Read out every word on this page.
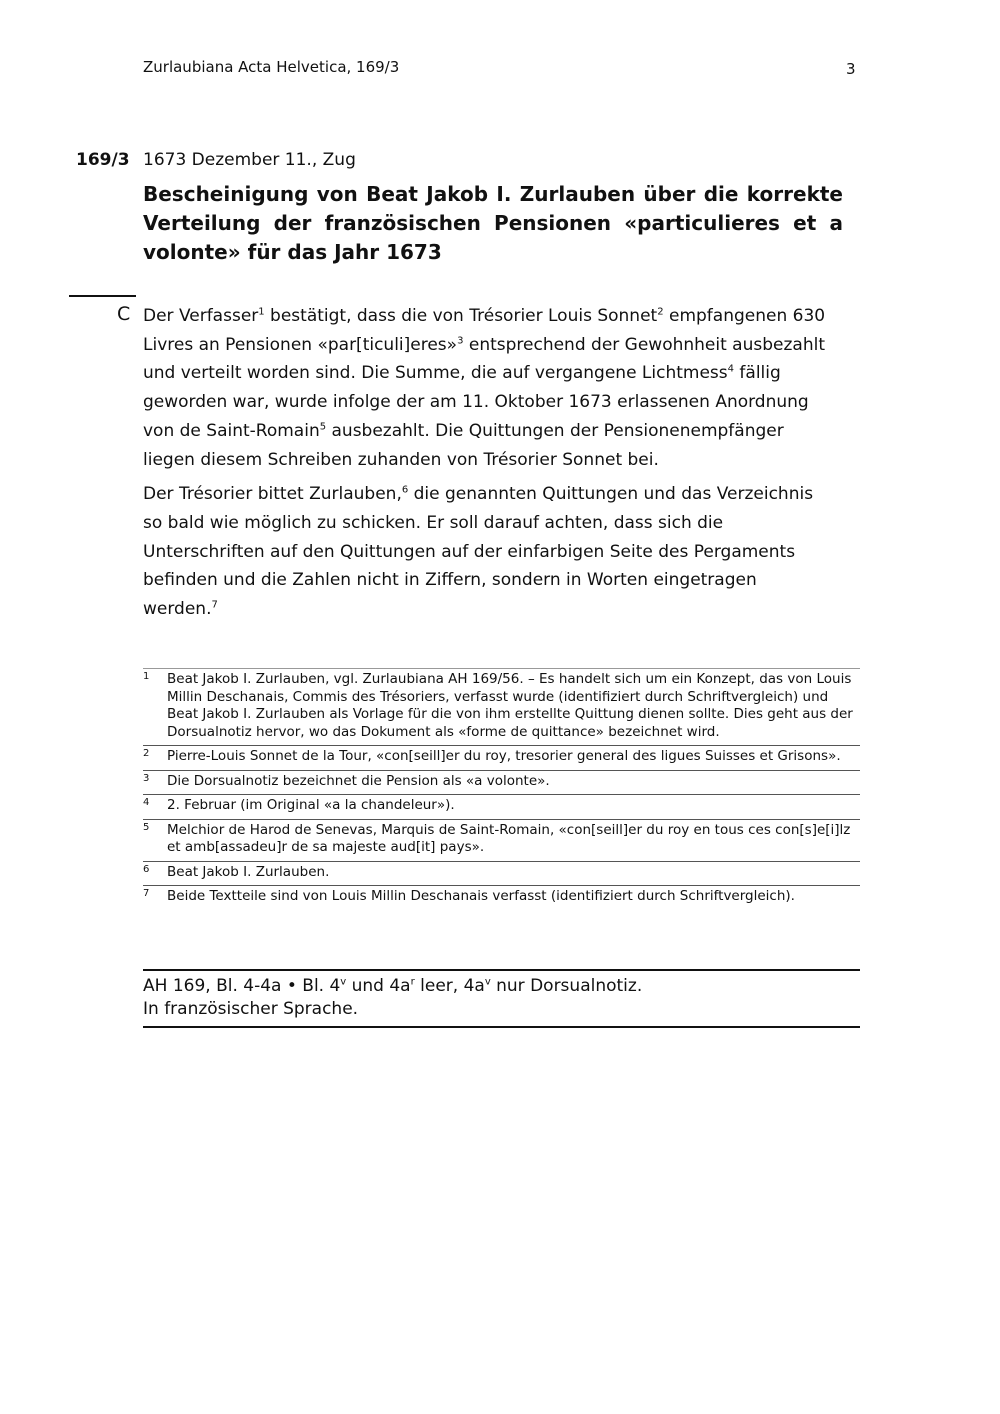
Zurlaubiana Acta Helvetica, 169/3	3
169/3 1673 Dezember 11., Zug
Bescheinigung von Beat Jakob I. Zurlauben über die korrekte
Verteilung der französischen Pensionen «particulieres et a
volonte» für das Jahr 1673
C Der Verfasser$^1$ bestätigt, dass die von Trésorier Louis Sonnet$^2$ empfangenen 630
Livres an Pensionen «par[ticuli]eres»$^3$ entsprechend der Gewohnheit ausbezahlt
und verteilt worden sind. Die Summe, die auf vergangene Lichtmess$^4$ fällig
geworden war, wurde infolge der am 11. Oktober 1673 erlassenen Anordnung
von de Saint-Romain$^5$ ausbezahlt. Die Quittungen der Pensionenempfänger
liegen diesem Schreiben zuhanden von Trésorier Sonnet bei.

Der Trésorier bittet Zurlauben,$^6$ die genannten Quittungen und das Verzeichnis
so bald wie möglich zu schicken. Er soll darauf achten, dass sich die
Unterschriften auf den Quittungen auf der einfarbigen Seite des Pergaments
befinden und die Zahlen nicht in Ziffern, sondern in Worten eingetragen
werden.$^7$

1	Beat Jakob I. Zurlauben, vgl. Zurlaubiana AH 169/56. – Es handelt sich um ein Konzept, das von Louis Millin Deschanais, Commis des Trésoriers, verfasst wurde (identifiziert durch Schriftvergleich) und Beat Jakob I. Zurlauben als Vorlage für die von ihm erstellte Quittung dienen sollte. Dies geht aus der Dorsualnotiz hervor, wo das Dokument als «forme de quittance» bezeichnet wird.
2	Pierre-Louis Sonnet de la Tour, «con[seill]er du roy, tresorier general des ligues Suisses et Grisons».
3	Die Dorsualnotiz bezeichnet die Pension als «a volonte».
4	2. Februar (im Original «a la chandeleur»).
5	Melchior de Harod de Senevas, Marquis de Saint-Romain, «con[seill]er du roy en tous ces con[s]e[i]lz et amb[assadeu]r de sa majeste aud[it] pays».
6	Beat Jakob I. Zurlauben.
7	Beide Textteile sind von Louis Millin Deschanais verfasst (identifiziert durch Schriftvergleich).
AH 169, Bl. 4-4a • Bl. 4$^v$ und $4a^r$ leer, $4a^v$ nur Dorsualnotiz.
In französischer Sprache.
